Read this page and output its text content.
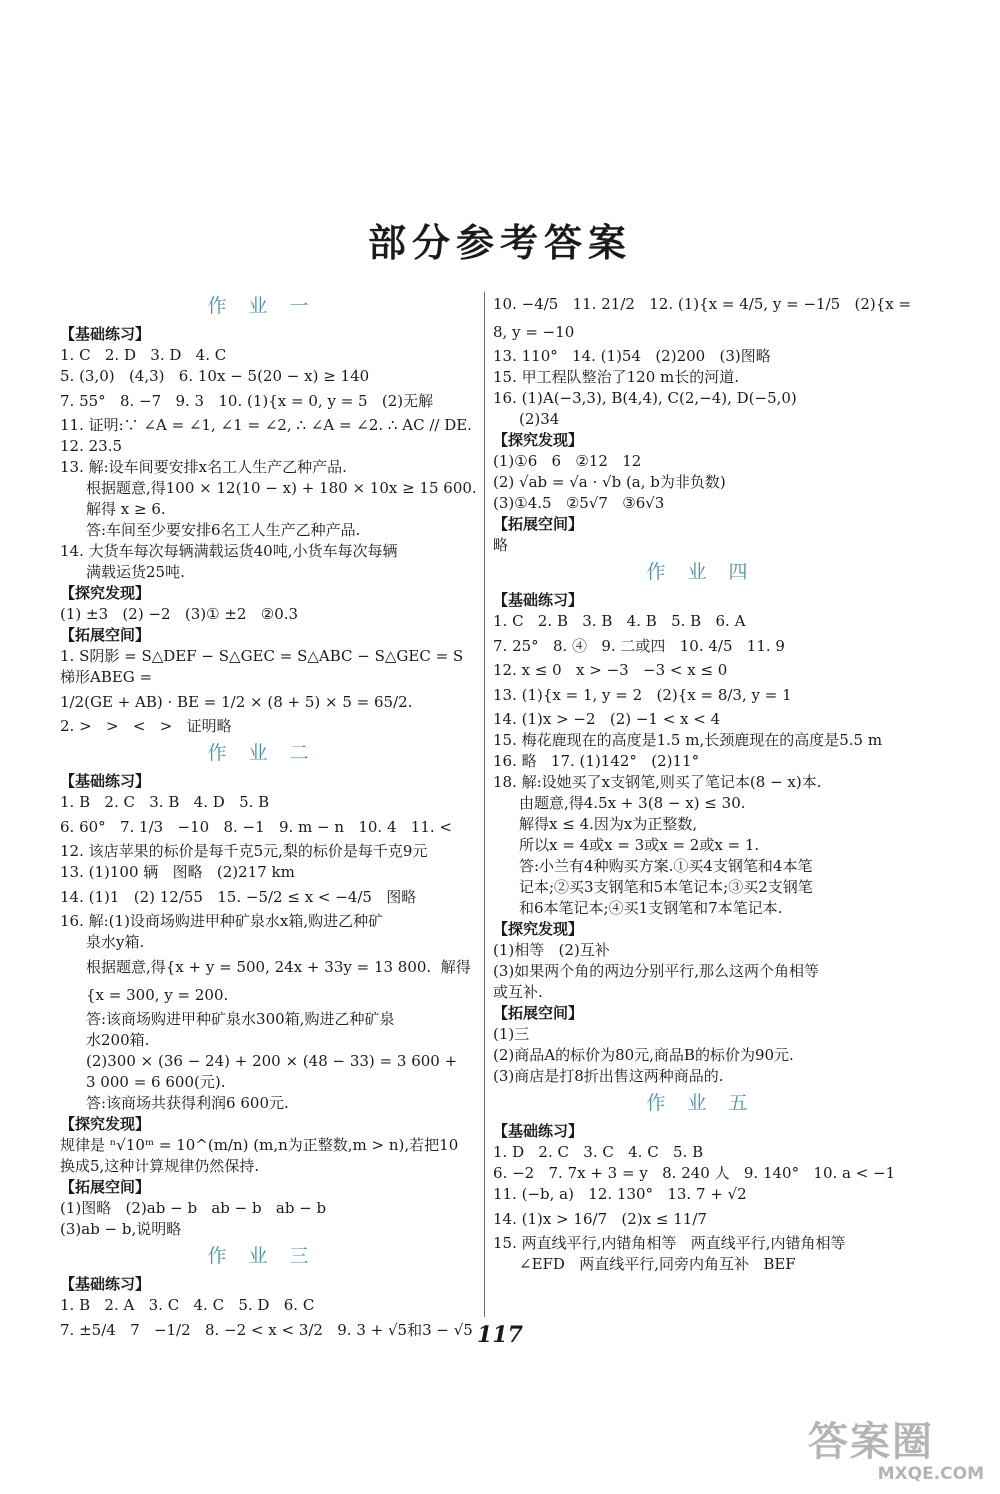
部分参考答案
作业一
【基础练习】
1. C   2. D   3. D   4. C
5. (3,0)   (4,3)   6. 10x − 5(20 − x) ≥ 140
7. 55°   8. −7   9. 3   10. (1){x = 0, y = 5   (2)无解
11. 证明:∵ ∠A = ∠1, ∠1 = ∠2, ∴ ∠A = ∠2. ∴ AC // DE.
12. 23.5
13. 解:设车间要安排x名工人生产乙种产品.
根据题意,得100 × 12(10 − x) + 180 × 10x ≥ 15 600.
解得 x ≥ 6.
答:车间至少要安排6名工人生产乙种产品.
14. 大货车每次每辆满载运货40吨,小货车每次每辆
满载运货25吨.
【探究发现】
(1) ±3   (2) −2   (3)① ±2   ②0.3
【拓展空间】
1. S阴影 = S△DEF − S△GEC = S△ABC − S△GEC = S梯形ABEG =
1/2(GE + AB) · BE = 1/2 × (8 + 5) × 5 = 65/2.
2. >   >   <   >   证明略
作业二
【基础练习】
1. B   2. C   3. B   4. D   5. B
6. 60°   7. 1/3   −10   8. −1   9. m − n   10. 4   11. <
12. 该店苹果的标价是每千克5元,梨的标价是每千克9元
13. (1)100 辆   图略   (2)217 km
14. (1)1   (2) 12/55   15. −5/2 ≤ x < −4/5   图略
16. 解:(1)设商场购进甲种矿泉水x箱,购进乙种矿
泉水y箱.
根据题意,得{x + y = 500, 24x + 33y = 13 800.  解得{x = 300, y = 200.
答:该商场购进甲种矿泉水300箱,购进乙种矿泉
水200箱.
(2)300 × (36 − 24) + 200 × (48 − 33) = 3 600 +
3 000 = 6 600(元).
答:该商场共获得利润6 600元.
【探究发现】
规律是 ⁿ√10ᵐ = 10^(m/n) (m,n为正整数,m > n),若把10
换成5,这种计算规律仍然保持.
【拓展空间】
(1)图略   (2)ab − b   ab − b   ab − b
(3)ab − b,说明略
作业三
【基础练习】
1. B   2. A   3. C   4. C   5. D   6. C
7. ±5/4   7   −1/2   8. −2 < x < 3/2   9. 3 + √5和3 − √5
10. −4/5   11. 21/2   12. (1){x = 4/5, y = −1/5   (2){x = 8, y = −10
13. 110°   14. (1)54   (2)200   (3)图略
15. 甲工程队整治了120 m长的河道.
16. (1)A(−3,3), B(4,4), C(2,−4), D(−5,0)
(2)34
【探究发现】
(1)①6   6   ②12   12
(2) √ab = √a · √b (a, b为非负数)
(3)①4.5   ②5√7   ③6√3
【拓展空间】
略
作业四
【基础练习】
1. C   2. B   3. B   4. B   5. B   6. A
7. 25°   8. ④   9. 二或四   10. 4/5   11. 9
12. x ≤ 0   x > −3   −3 < x ≤ 0
13. (1){x = 1, y = 2   (2){x = 8/3, y = 1
14. (1)x > −2   (2) −1 < x < 4
15. 梅花鹿现在的高度是1.5 m,长颈鹿现在的高度是5.5 m
16. 略   17. (1)142°   (2)11°
18. 解:设她买了x支钢笔,则买了笔记本(8 − x)本.
由题意,得4.5x + 3(8 − x) ≤ 30.
解得x ≤ 4.因为x为正整数,
所以x = 4或x = 3或x = 2或x = 1.
答:小兰有4种购买方案.①买4支钢笔和4本笔
记本;②买3支钢笔和5本笔记本;③买2支钢笔
和6本笔记本;④买1支钢笔和7本笔记本.
【探究发现】
(1)相等   (2)互补
(3)如果两个角的两边分别平行,那么这两个角相等
或互补.
【拓展空间】
(1)三
(2)商品A的标价为80元,商品B的标价为90元.
(3)商店是打8折出售这两种商品的.
作业五
【基础练习】
1. D   2. C   3. C   4. C   5. B
6. −2   7. 7x + 3 = y   8. 240 人   9. 140°   10. a < −1
11. (−b, a)   12. 130°   13. 7 + √2
14. (1)x > 16/7   (2)x ≤ 11/7
15. 两直线平行,内错角相等   两直线平行,内错角相等
∠EFD   两直线平行,同旁内角互补   BEF
117
答案圈
MXQE.COM
